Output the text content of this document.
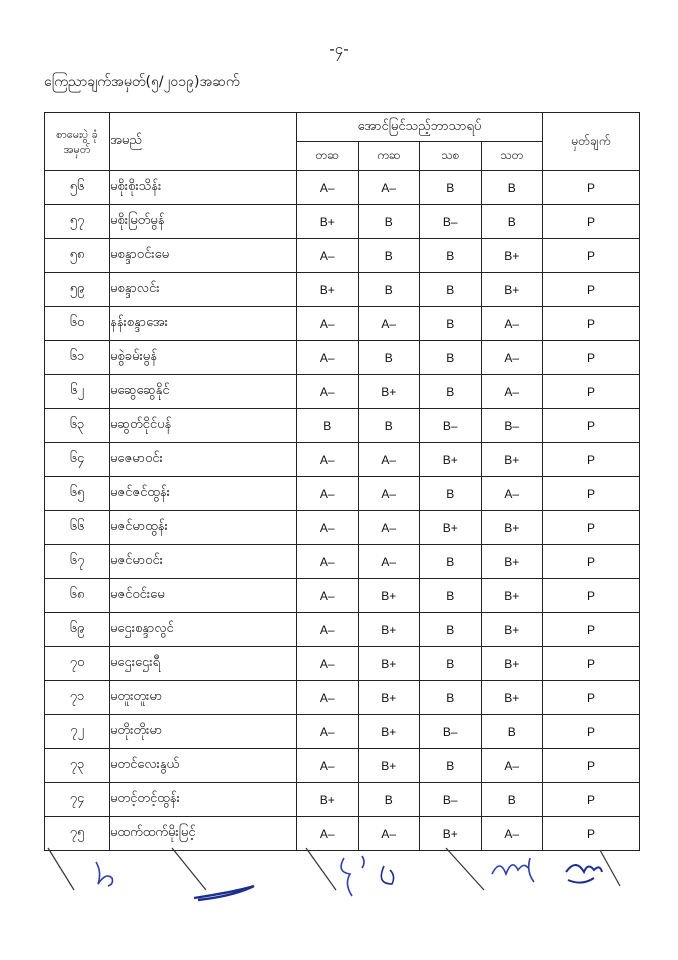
-၄-
ကြေညာချက်အမှတ်(၅/၂၀၁၉)အဆက်
စာမေးပွဲ ခုံအမှတ်	အမည်	အောင်မြင်သည့်ဘာသာရပ်				မှတ်ချက်
		တဆ	ကဆ	သစ	သတ	
၅၆	မစိုးစိုးသိန်း	A–	A–	B	B	P
၅၇	မစိုးမြတ်မွန်	B+	B	B–	B	P
၅၈	မစန္ဒာဝင်းမေ	A–	B	B	B+	P
၅၉	မစန္ဒာလင်း	B+	B	B	B+	P
၆၀	နန်းစန္ဒာအေး	A–	A–	B	A–	P
၆၁	မစွဲခမ်းမွန်	A–	B	B	A–	P
၆၂	မဆွေဆွေနိုင်	A–	B+	B	A–	P
၆၃	မဆွတ်ငိုင်ပန်	B	B	B–	B–	P
၆၄	မဇေမာဝင်း	A–	A–	B+	B+	P
၆၅	မဇင်ဇင်ထွန်း	A–	A–	B	A–	P
၆၆	မဇင်မာထွန်း	A–	A–	B+	B+	P
၆၇	မဇင်မာဝင်း	A–	A–	B	B+	P
၆၈	မဇင်ဝင်းမေ	A–	B+	B	B+	P
၆၉	မဌေးစန္ဒာလွင်	A–	B+	B	B+	P
၇၀	မဌေးဌေးရီ	A–	B+	B	B+	P
၇၁	မတူးတူးမာ	A–	B+	B	B+	P
၇၂	မတိုးတိုးမာ	A–	B+	B–	B	P
၇၃	မတင်လေးနွယ်	A–	B+	B	A–	P
၇၄	မတင့်တင့်ထွန်း	B+	B	B–	B	P
၇၅	မထက်ထက်မိုးမြင့်	A–	A–	B+	A–	P
